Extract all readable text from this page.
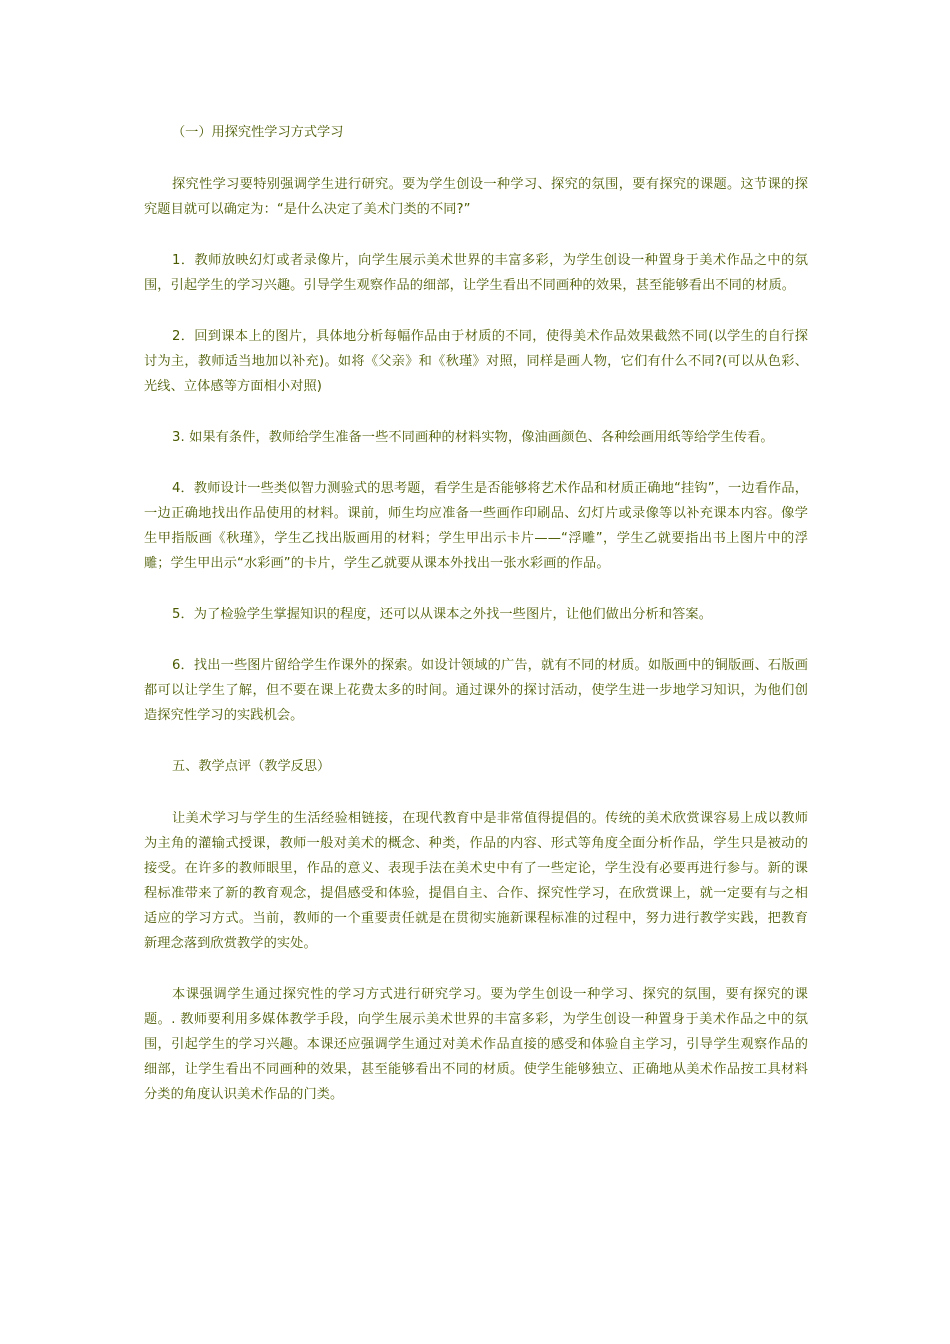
（一）用探究性学习方式学习

探究性学习要特别强调学生进行研究。要为学生创设一种学习、探究的氛围，要有探究的课题。这节课的探究题目就可以确定为：“是什么决定了美术门类的不同?”

1．教师放映幻灯或者录像片，向学生展示美术世界的丰富多彩，为学生创设一种置身于美术作品之中的氛围，引起学生的学习兴趣。引导学生观察作品的细部，让学生看出不同画种的效果，甚至能够看出不同的材质。

2．回到课本上的图片，具体地分析每幅作品由于材质的不同，使得美术作品效果截然不同(以学生的自行探讨为主，教师适当地加以补充)。如将《父亲》和《秋瑾》对照，同样是画人物，它们有什么不同?(可以从色彩、光线、立体感等方面相小对照)

3. 如果有条件，教师给学生准备一些不同画种的材料实物，像油画颜色、各种绘画用纸等给学生传看。

4．教师设计一些类似智力测验式的思考题，看学生是否能够将艺术作品和材质正确地“挂钩”，一边看作品，一边正确地找出作品使用的材料。课前，师生均应准备一些画作印刷品、幻灯片或录像等以补充课本内容。像学生甲指版画《秋瑾》，学生乙找出版画用的材料；学生甲出示卡片——“浮雕”，学生乙就要指出书上图片中的浮雕；学生甲出示“水彩画”的卡片，学生乙就要从课本外找出一张水彩画的作品。

5．为了检验学生掌握知识的程度，还可以从课本之外找一些图片，让他们做出分析和答案。

6．找出一些图片留给学生作课外的探索。如设计领域的广告，就有不同的材质。如版画中的铜版画、石版画都可以让学生了解，但不要在课上花费太多的时间。通过课外的探讨活动，使学生进一步地学习知识，为他们创造探究性学习的实践机会。

五、教学点评（教学反思）

让美术学习与学生的生活经验相链接，在现代教育中是非常值得提倡的。传统的美术欣赏课容易上成以教师为主角的灌输式授课，教师一般对美术的概念、种类，作品的内容、形式等角度全面分析作品，学生只是被动的接受。在许多的教师眼里，作品的意义、表现手法在美术史中有了一些定论，学生没有必要再进行参与。新的课程标准带来了新的教育观念，提倡感受和体验，提倡自主、合作、探究性学习，在欣赏课上，就一定要有与之相适应的学习方式。当前，教师的一个重要责任就是在贯彻实施新课程标准的过程中，努力进行教学实践，把教育新理念落到欣赏教学的实处。

本课强调学生通过探究性的学习方式进行研究学习。要为学生创设一种学习、探究的氛围，要有探究的课题。. 教师要利用多媒体教学手段，向学生展示美术世界的丰富多彩，为学生创设一种置身于美术作品之中的氛围，引起学生的学习兴趣。本课还应强调学生通过对美术作品直接的感受和体验自主学习，引导学生观察作品的细部，让学生看出不同画种的效果，甚至能够看出不同的材质。使学生能够独立、正确地从美术作品按工具材料分类的角度认识美术作品的门类。
